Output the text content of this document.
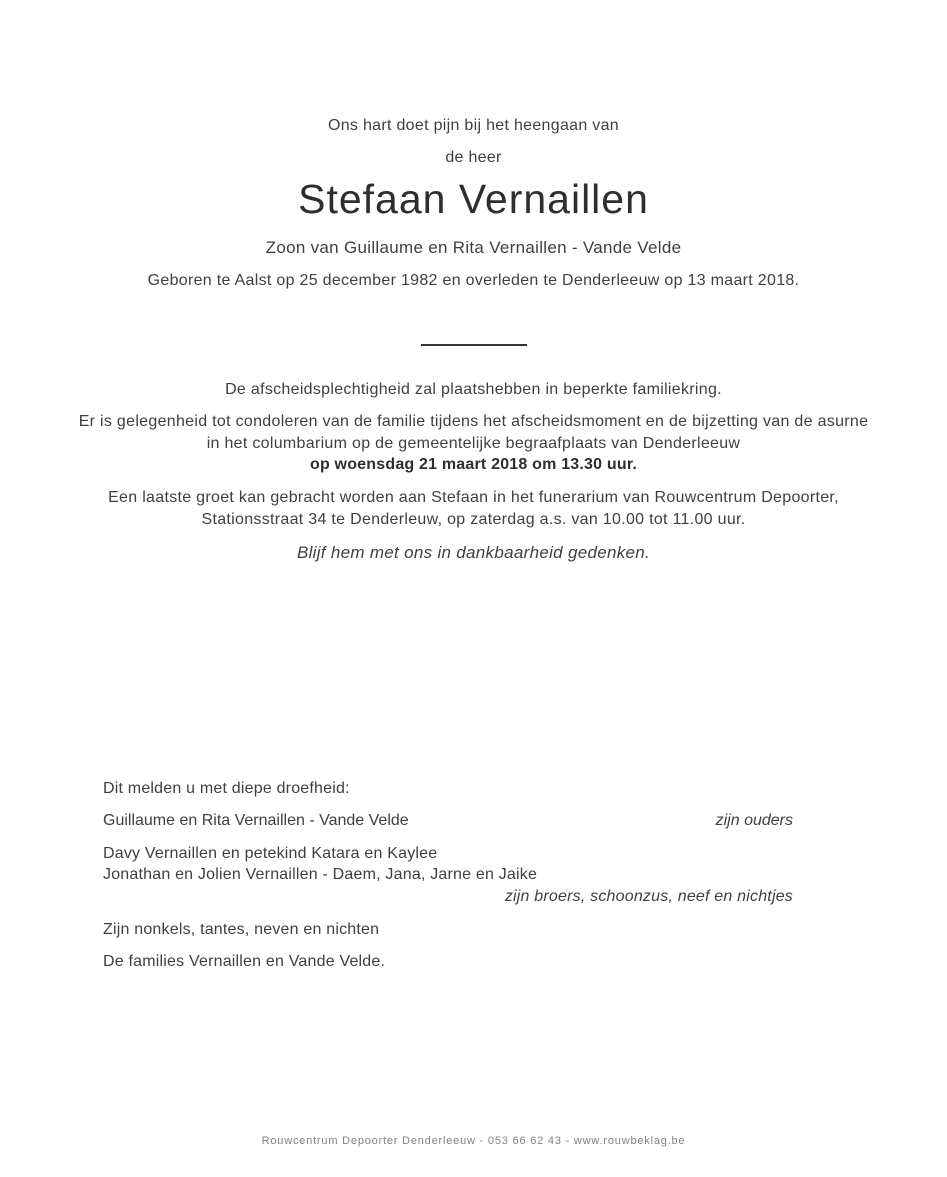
Ons hart doet pijn bij het heengaan van
de heer
Stefaan Vernaillen
Zoon van Guillaume en Rita Vernaillen - Vande Velde
Geboren te Aalst op 25 december 1982 en overleden te Denderleeuw op 13 maart 2018.
De afscheidsplechtigheid zal plaatshebben in beperkte familiekring.
Er is gelegenheid tot condoleren van de familie tijdens het afscheidsmoment en de bijzetting van de asurne
in het columbarium op de gemeentelijke begraafplaats van Denderleeuw
op woensdag 21 maart 2018 om 13.30 uur.
Een laatste groet kan gebracht worden aan Stefaan in het funerarium van Rouwcentrum Depoorter,
Stationsstraat 34 te Denderleuw, op zaterdag a.s. van 10.00 tot 11.00 uur.
Blijf hem met ons in dankbaarheid gedenken.
Dit melden u met diepe droefheid:
Guillaume en Rita Vernaillen - Vande Velde	zijn ouders
Davy Vernaillen en petekind Katara en Kaylee
Jonathan en Jolien Vernaillen - Daem, Jana, Jarne en Jaike
zijn broers, schoonzus, neef en nichtjes
Zijn nonkels, tantes, neven en nichten
De families Vernaillen en Vande Velde.
Rouwcentrum Depoorter Denderleeuw - 053 66 62 43 - www.rouwbeklag.be
